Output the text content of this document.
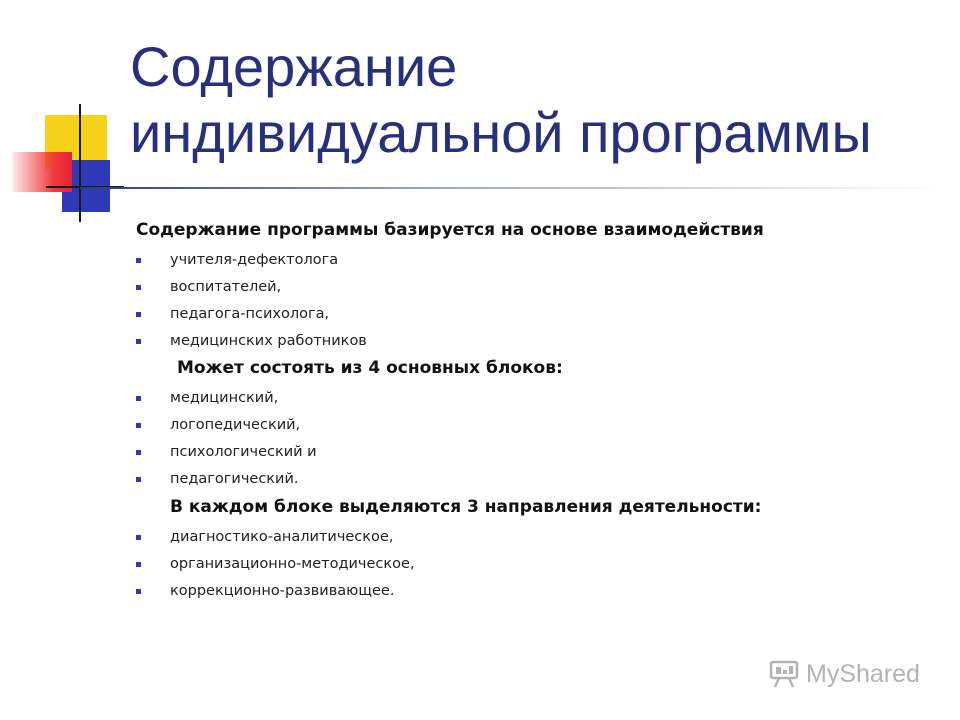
Содержание
индивидуальной программы
Содержание программы базируется на основе взаимодействия
учителя-дефектолога
воспитателей,
педагога-психолога,
медицинских работников
Может состоять из 4 основных блоков:
медицинский,
логопедический,
психологический и
педагогический.
В каждом блоке выделяются 3 направления деятельности:
диагностико-аналитическое,
организационно-методическое,
коррекционно-развивающее.
MyShared
